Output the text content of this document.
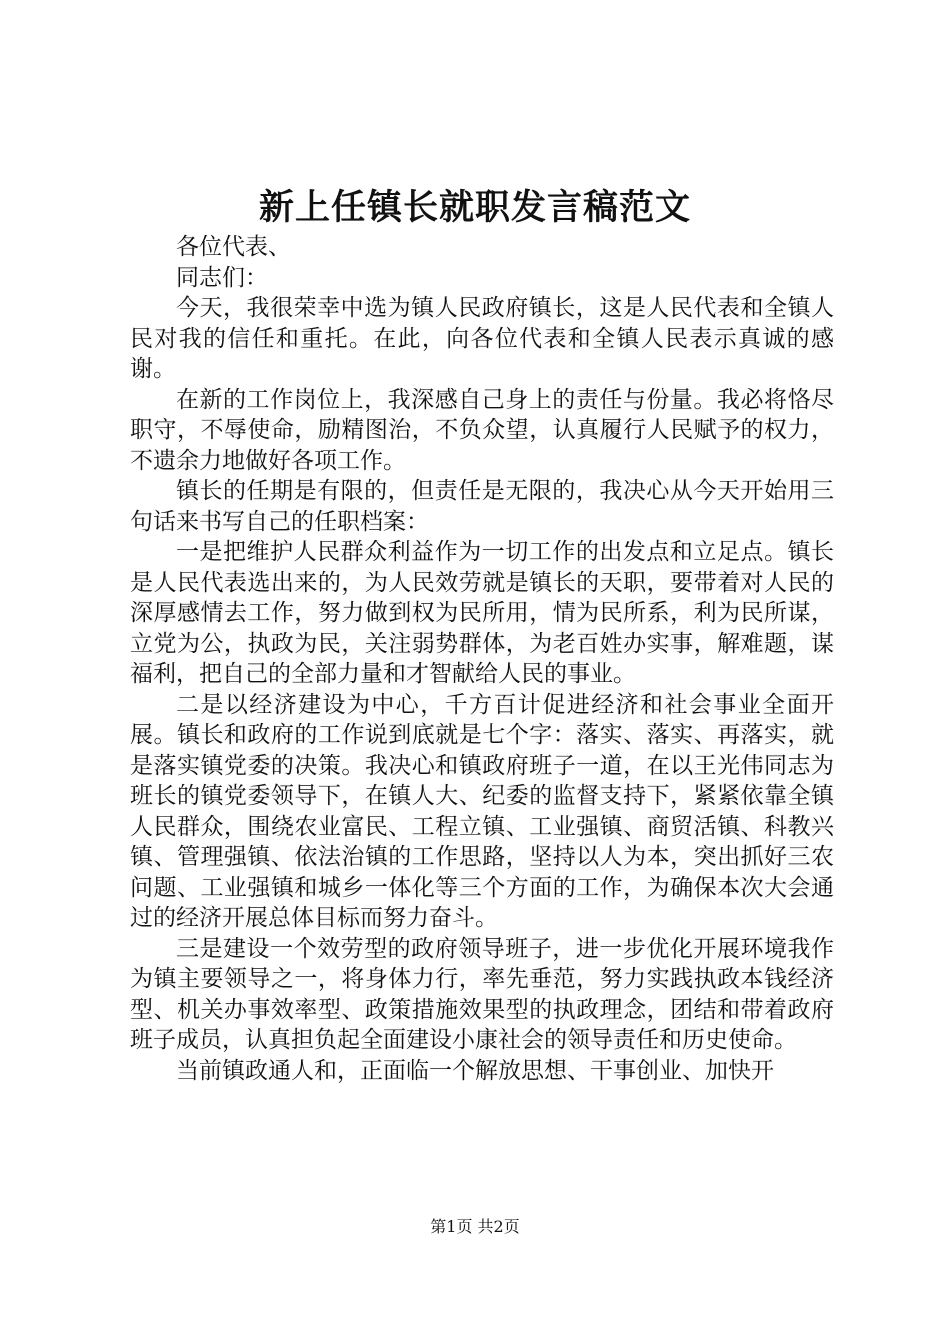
新上任镇长就职发言稿范文

各位代表、

同志们：

今天，我很荣幸中选为镇人民政府镇长，这是人民代表和全镇人民对我的信任和重托。在此，向各位代表和全镇人民表示真诚的感谢。

在新的工作岗位上，我深感自己身上的责任与份量。我必将恪尽职守，不辱使命，励精图治，不负众望，认真履行人民赋予的权力，不遗余力地做好各项工作。

镇长的任期是有限的，但责任是无限的，我决心从今天开始用三句话来书写自己的任职档案：

一是把维护人民群众利益作为一切工作的出发点和立足点。镇长是人民代表选出来的，为人民效劳就是镇长的天职，要带着对人民的深厚感情去工作，努力做到权为民所用，情为民所系，利为民所谋，立党为公，执政为民，关注弱势群体，为老百姓办实事，解难题，谋福利，把自己的全部力量和才智献给人民的事业。

二是以经济建设为中心，千方百计促进经济和社会事业全面开展。镇长和政府的工作说到底就是七个字：落实、落实、再落实，就是落实镇党委的决策。我决心和镇政府班子一道，在以王光伟同志为班长的镇党委领导下，在镇人大、纪委的监督支持下，紧紧依靠全镇人民群众，围绕农业富民、工程立镇、工业强镇、商贸活镇、科教兴镇、管理强镇、依法治镇的工作思路，坚持以人为本，突出抓好三农问题、工业强镇和城乡一体化等三个方面的工作，为确保本次大会通过的经济开展总体目标而努力奋斗。

三是建设一个效劳型的政府领导班子，进一步优化开展环境我作为镇主要领导之一，将身体力行，率先垂范，努力实践执政本钱经济型、机关办事效率型、政策措施效果型的执政理念，团结和带着政府班子成员，认真担负起全面建设小康社会的领导责任和历史使命。

当前镇政通人和，正面临一个解放思想、干事创业、加快开

第1页 共2页
